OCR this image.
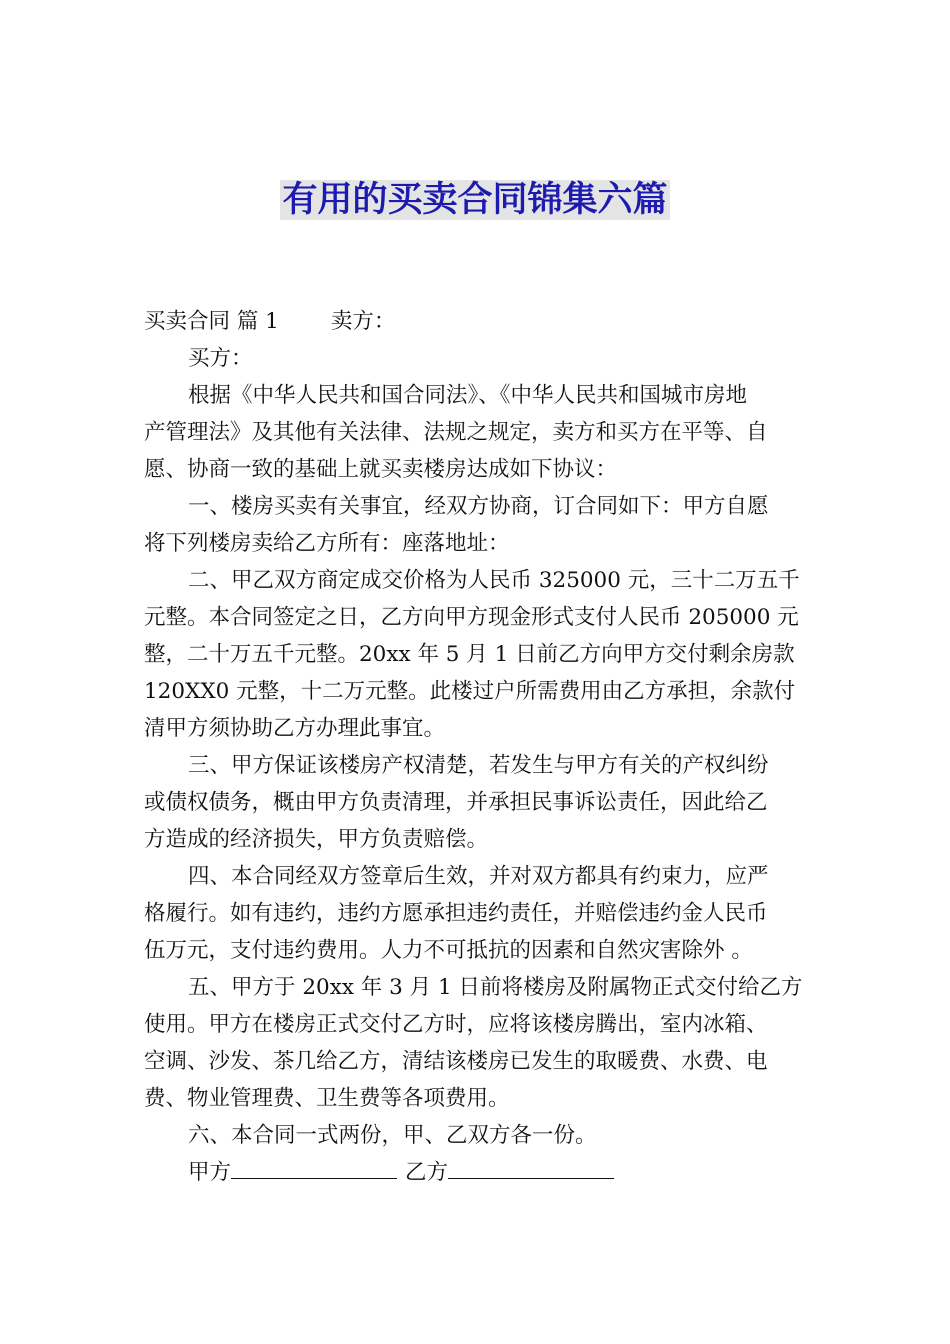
有用的买卖合同锦集六篇

买卖合同 篇 1 卖方：

买方：

根据《中华人民共和国合同法》、《中华人民共和国城市房地

产管理法》及其他有关法律、法规之规定，卖方和买方在平等、自

愿、协商一致的基础上就买卖楼房达成如下协议：

一、楼房买卖有关事宜，经双方协商，订合同如下：甲方自愿

将下列楼房卖给乙方所有：座落地址：

二、甲乙双方商定成交价格为人民币 325000 元，三十二万五千

元整。本合同签定之日，乙方向甲方现金形式支付人民币 205000 元

整，二十万五千元整。20xx 年 5 月 1 日前乙方向甲方交付剩余房款

120XX0 元整，十二万元整。此楼过户所需费用由乙方承担，余款付

清甲方须协助乙方办理此事宜。

三、甲方保证该楼房产权清楚，若发生与甲方有关的产权纠纷

或债权债务，概由甲方负责清理，并承担民事诉讼责任，因此给乙

方造成的经济损失，甲方负责赔偿。

四、本合同经双方签章后生效，并对双方都具有约束力，应严

格履行。如有违约，违约方愿承担违约责任，并赔偿违约金人民币

伍万元，支付违约费用。人力不可抵抗的因素和自然灾害除外 。

五、甲方于 20xx 年 3 月 1 日前将楼房及附属物正式交付给乙方

使用。甲方在楼房正式交付乙方时，应将该楼房腾出，室内冰箱、

空调、沙发、茶几给乙方，清结该楼房已发生的取暖费、水费、电

费、物业管理费、卫生费等各项费用。

六、本合同一式两份，甲、乙双方各一份。

甲方	乙方
